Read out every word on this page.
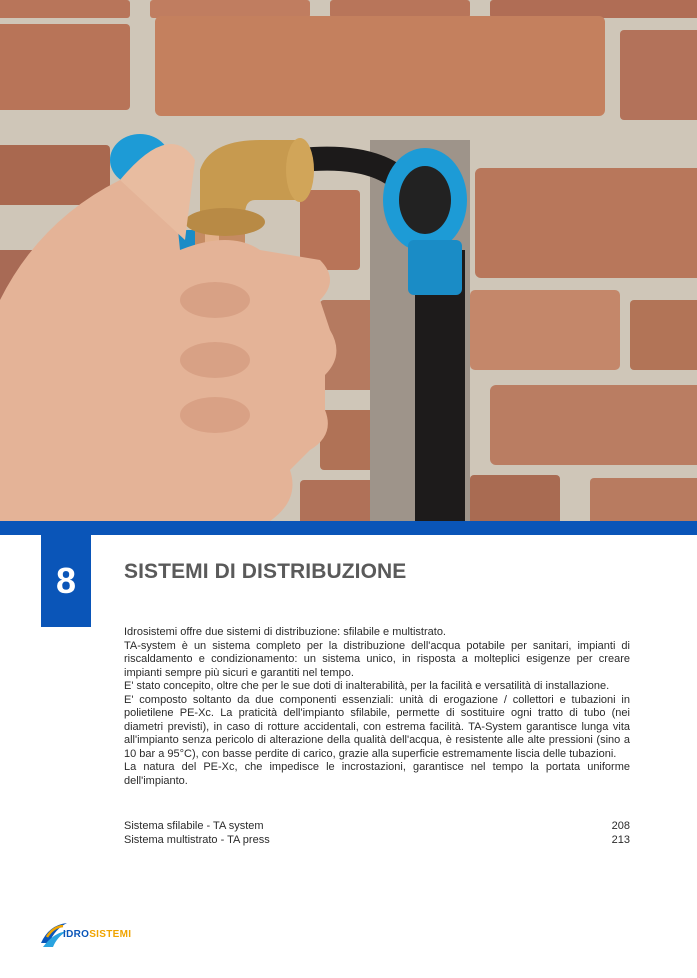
8	SISTEMI DI DISTRIBUZIONE

Idrosistemi offre due sistemi di distribuzione: sfilabile e multistrato.

TA-system è un sistema completo per la distribuzione dell'acqua potabile per sanitari, impianti di riscaldamento e condizionamento: un sistema unico, in risposta a molteplici esigenze per creare impianti sempre più sicuri e garantiti nel tempo.

E' stato concepito, oltre che per le sue doti di inalterabilità, per la facilità e versatilità di installazione.

E' composto soltanto da due componenti essenziali: unità di erogazione / collettori e tubazioni in polietilene PE-Xc. La praticità dell'impianto sfilabile, permette di sostituire ogni tratto di tubo (nei diametri previsti), in caso di rotture accidentali, con estrema facilità. TA-System garantisce lunga vita all'impianto senza pericolo di alterazione della qualità dell'acqua, è resistente alle alte pressioni (sino a 10 bar a 95°C), con basse perdite di carico, grazie alla superficie estremamente liscia delle tubazioni.

La natura del PE-Xc, che impedisce le incrostazioni, garantisce nel tempo la portata uniforme dell'impianto.

Sistema sfilabile - TA system	208
Sistema multistrato - TA press	213
IDROSISTEMI
